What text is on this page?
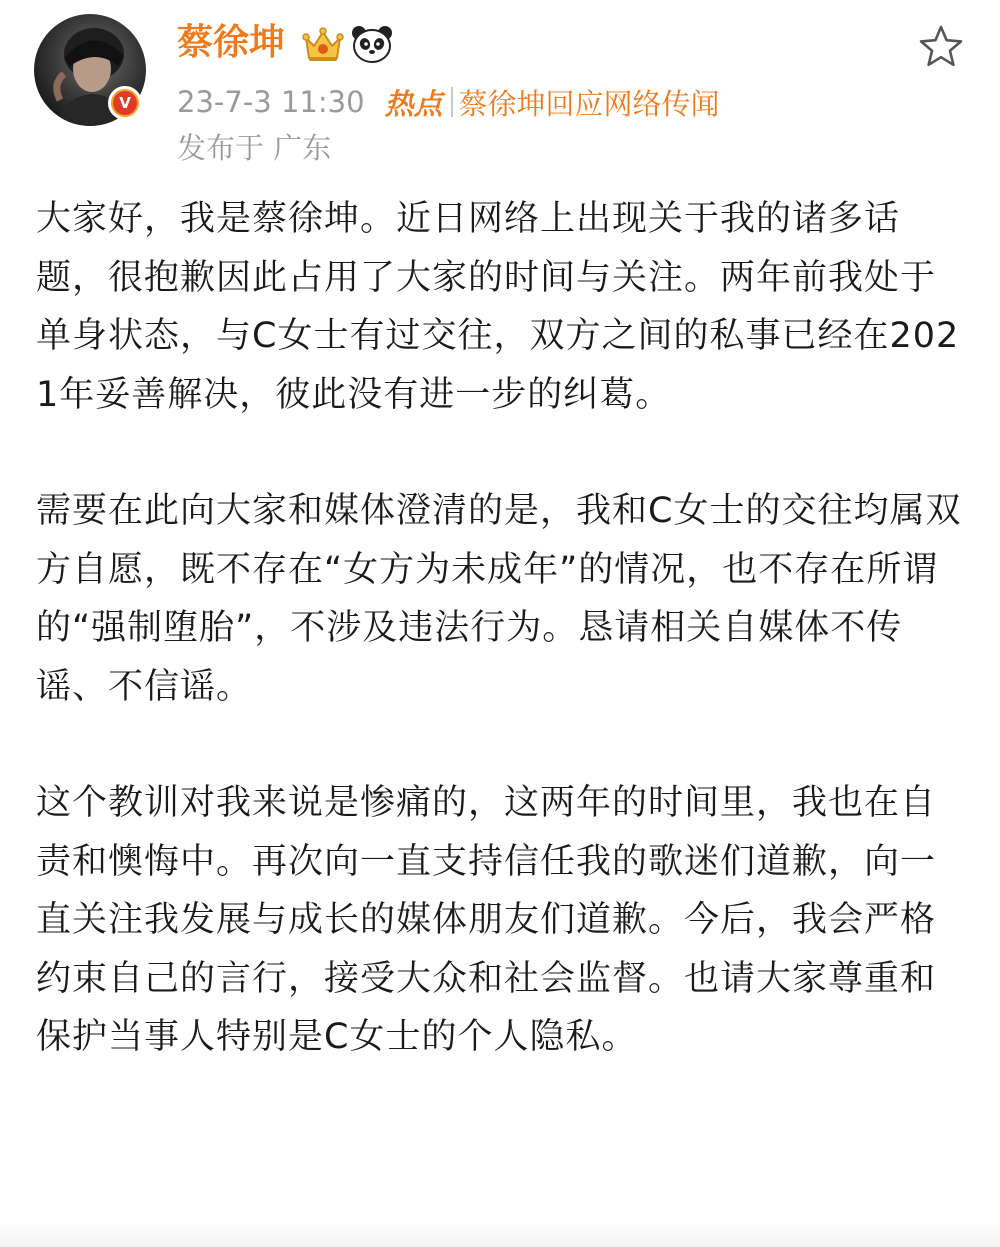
V
蔡徐坤
23-7-3 11:30 热点 蔡徐坤回应网络传闻
发布于 广东

大家好，我是蔡徐坤。近日网络上出现关于我的诸多话题，很抱歉因此占用了大家的时间与关注。两年前我处于单身状态，与C女士有过交往，双方之间的私事已经在2021年妥善解决，彼此没有进一步的纠葛。

需要在此向大家和媒体澄清的是，我和C女士的交往均属双方自愿，既不存在“女方为未成年”的情况，也不存在所谓的“强制堕胎”，不涉及违法行为。恳请相关自媒体不传谣、不信谣。

这个教训对我来说是惨痛的，这两年的时间里，我也在自责和懊悔中。再次向一直支持信任我的歌迷们道歉，向一直关注我发展与成长的媒体朋友们道歉。今后，我会严格约束自己的言行，接受大众和社会监督。也请大家尊重和保护当事人特别是C女士的个人隐私。
